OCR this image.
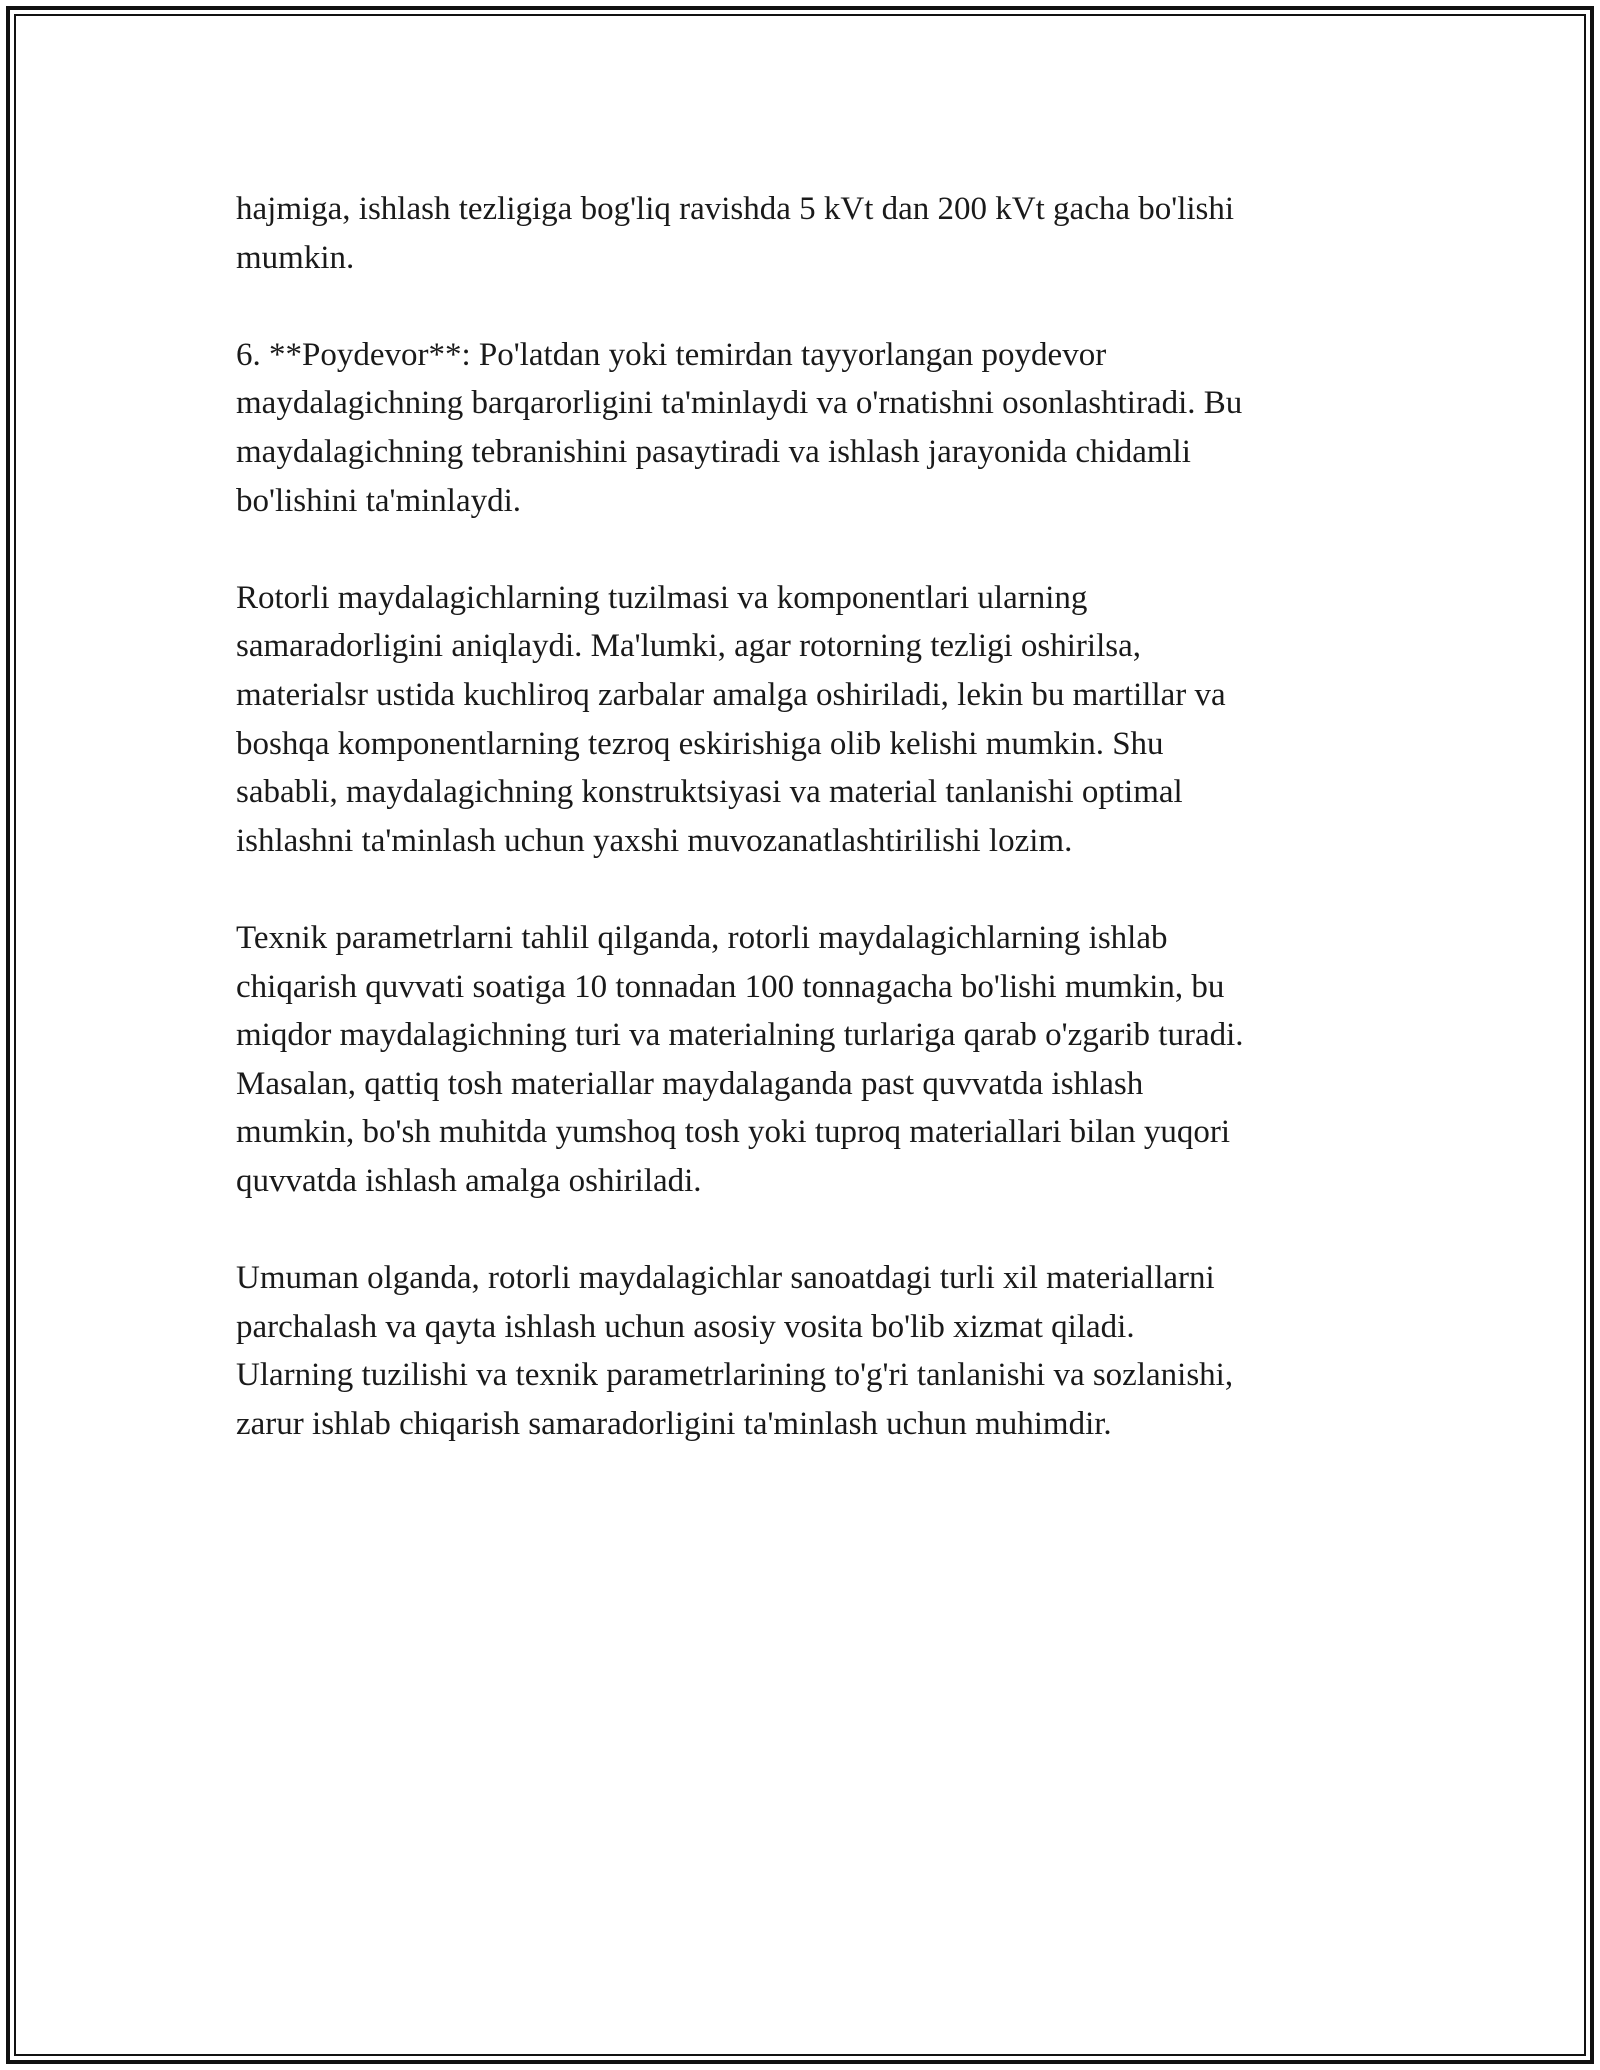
hajmiga, ishlash tezligiga bog'liq ravishda 5 kVt dan 200 kVt gacha bo'lishi
mumkin.

6. **Poydevor**: Po'latdan yoki temirdan tayyorlangan poydevor
maydalagichning barqarorligini ta'minlaydi va o'rnatishni osonlashtiradi. Bu
maydalagichning tebranishini pasaytiradi va ishlash jarayonida chidamli
bo'lishini ta'minlaydi.

Rotorli maydalagichlarning tuzilmasi va komponentlari ularning
samaradorligini aniqlaydi. Ma'lumki, agar rotorning tezligi oshirilsa,
materialsr ustida kuchliroq zarbalar amalga oshiriladi, lekin bu martillar va
boshqa komponentlarning tezroq eskirishiga olib kelishi mumkin. Shu
sababli, maydalagichning konstruktsiyasi va material tanlanishi optimal
ishlashni ta'minlash uchun yaxshi muvozanatlashtirilishi lozim.

Texnik parametrlarni tahlil qilganda, rotorli maydalagichlarning ishlab
chiqarish quvvati soatiga 10 tonnadan 100 tonnagacha bo'lishi mumkin, bu
miqdor maydalagichning turi va materialning turlariga qarab o'zgarib turadi.
Masalan, qattiq tosh materiallar maydalaganda past quvvatda ishlash
mumkin, bo'sh muhitda yumshoq tosh yoki tuproq materiallari bilan yuqori
quvvatda ishlash amalga oshiriladi.

Umuman olganda, rotorli maydalagichlar sanoatdagi turli xil materiallarni
parchalash va qayta ishlash uchun asosiy vosita bo'lib xizmat qiladi.
Ularning tuzilishi va texnik parametrlarining to'g'ri tanlanishi va sozlanishi,
zarur ishlab chiqarish samaradorligini ta'minlash uchun muhimdir.
